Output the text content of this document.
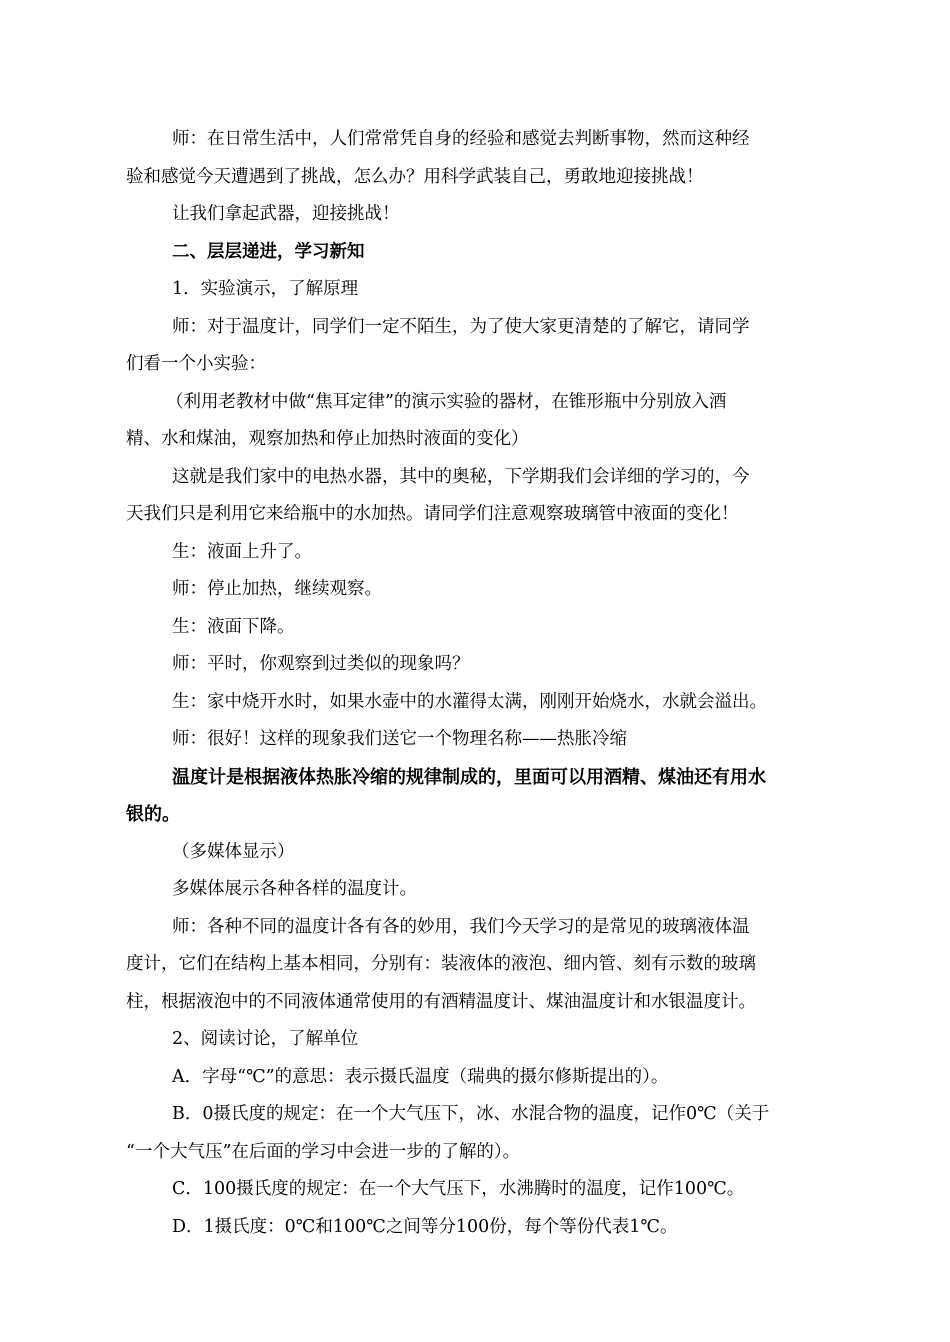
师：在日常生活中，人们常常凭自身的经验和感觉去判断事物，然而这种经

验和感觉今天遭遇到了挑战，怎么办？用科学武装自己，勇敢地迎接挑战！

让我们拿起武器，迎接挑战！

二、层层递进，学习新知

1．实验演示，了解原理

师：对于温度计，同学们一定不陌生，为了使大家更清楚的了解它，请同学

们看一个小实验：

（利用老教材中做“焦耳定律”的演示实验的器材，在锥形瓶中分别放入酒

精、水和煤油，观察加热和停止加热时液面的变化）

这就是我们家中的电热水器，其中的奥秘，下学期我们会详细的学习的，今

天我们只是利用它来给瓶中的水加热。请同学们注意观察玻璃管中液面的变化！

生：液面上升了。

师：停止加热，继续观察。

生：液面下降。

师：平时，你观察到过类似的现象吗？

生：家中烧开水时，如果水壶中的水灌得太满，刚刚开始烧水，水就会溢出。

师：很好！这样的现象我们送它一个物理名称——热胀冷缩

温度计是根据液体热胀冷缩的规律制成的，里面可以用酒精、煤油还有用水

银的。

（多媒体显示）

多媒体展示各种各样的温度计。

师：各种不同的温度计各有各的妙用，我们今天学习的是常见的玻璃液体温

度计，它们在结构上基本相同，分别有：装液体的液泡、细内管、刻有示数的玻璃

柱，根据液泡中的不同液体通常使用的有酒精温度计、煤油温度计和水银温度计。

2、阅读讨论，了解单位

A．字母“℃”的意思：表示摄氏温度（瑞典的摄尔修斯提出的）。

B．0摄氏度的规定：在一个大气压下，冰、水混合物的温度，记作0℃（关于

“一个大气压”在后面的学习中会进一步的了解的）。

C．100摄氏度的规定：在一个大气压下，水沸腾时的温度，记作100℃。

D．1摄氏度：0℃和100℃之间等分100份，每个等份代表1℃。
